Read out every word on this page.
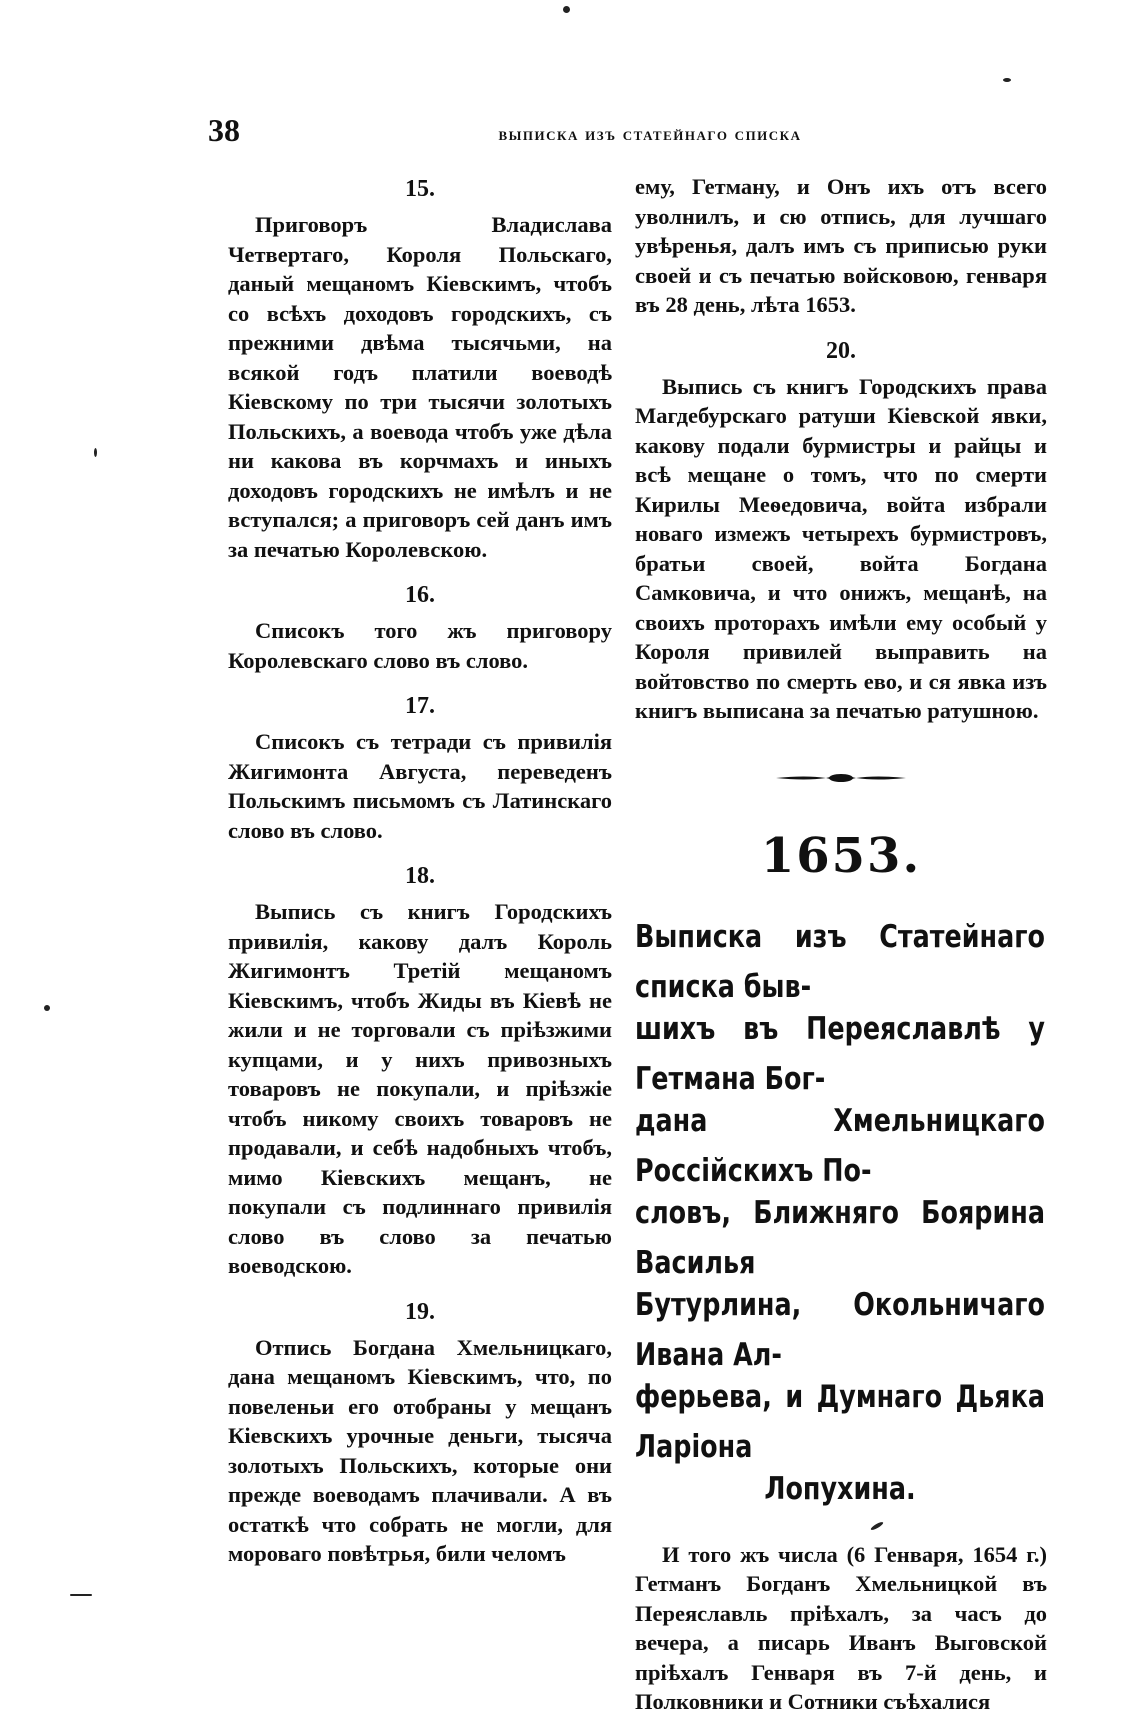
38	выписка изъ статейнаго списка
15.

Приговоръ Владиславa Четвертаго, Короля Польскаго, даный мещаномъ Кіевскимъ, чтобъ со всѣхъ доходовъ городскихъ, съ прежними двѣма тысячьми, на всякой годъ платили воеводѣ Кіевскому по три тысячи золотыхъ Польскихъ, а воевода чтобъ уже дѣла ни какова въ корчмахъ и иныхъ доходовъ городскихъ не имѣлъ и не вступался; а приговоръ сей данъ имъ за печатью Королевскою.

16.

Списокъ того жъ приговору Королевскаго слово въ слово.

17.

Списокъ съ тетради съ привилія Жигимонта Августа, переведенъ Польскимъ письмомъ съ Латинскаго слово въ слово.

18.

Выпись съ книгъ Городскихъ привилія, какову далъ Король Жигимонтъ Третій мещаномъ Кіевскимъ, чтобъ Жиды въ Кіевѣ не жили и не торговали съ пріѣзжими купцами, и у нихъ привозныхъ товаровъ не покупали, и пріѣзжіе чтобъ никому своихъ товаровъ не продавали, и себѣ надобныхъ чтобъ, мимо Кіевскихъ мещанъ, не покупали съ подлиннаго привилія слово въ слово за печатью воеводскою.

19.

Отпись Богдана Хмельницкаго, дана мещаномъ Кіевскимъ, что, по повеленьи его отобраны у мещанъ Кіевскихъ урочные деньги, тысяча золотыхъ Польскихъ, которые они прежде воеводамъ плачивали. А въ остаткѣ что собрать не могли, для мороваго повѣтрья, били челомъ

ему, Гетману, и Онъ ихъ отъ всего уволнилъ, и сю отпись, для лучшаго увѣренья, далъ имъ съ приписью руки своей и съ печатью войсковою, генваря въ 28 день, лѣта 1653.

20.

Выпись съ книгъ Городскихъ права Магдебурскаго ратуши Кіевской явки, какову подали бурмистры и райцы и всѣ мещане о томъ, что по смерти Кирилы Меѳедовича, войта избрали новаго измежъ четырехъ бурмистровъ, братьи своей, войта Богдана Самковича, и что онижъ, мещанѣ, на своихъ проторахъ имѣли ему особый у Короля привилей выправить на войтовство по смерть ево, и ся явка изъ книгъ выписана за печатью ратушною.

1653.
Выписка изъ Статейнаго списка быв-
шихъ въ Переяславлѣ у Гетмана Бог-
дана Хмельницкаго Россійскихъ По-
словъ, Ближняго Боярина Василья
Бутурлина, Окольничаго Ивана Ал-
ферьева, и Думнаго Дьяка Ларіона
Лопухина.

И того жъ числа (6 Генваря, 1654 г.) Гетманъ Богданъ Хмельницкой въ Переяславль пріѣхалъ, за часъ до вечера, а писарь Иванъ Выговской пріѣхалъ Генваря въ 7-й день, и Полковники и Сотники съѣхалися
